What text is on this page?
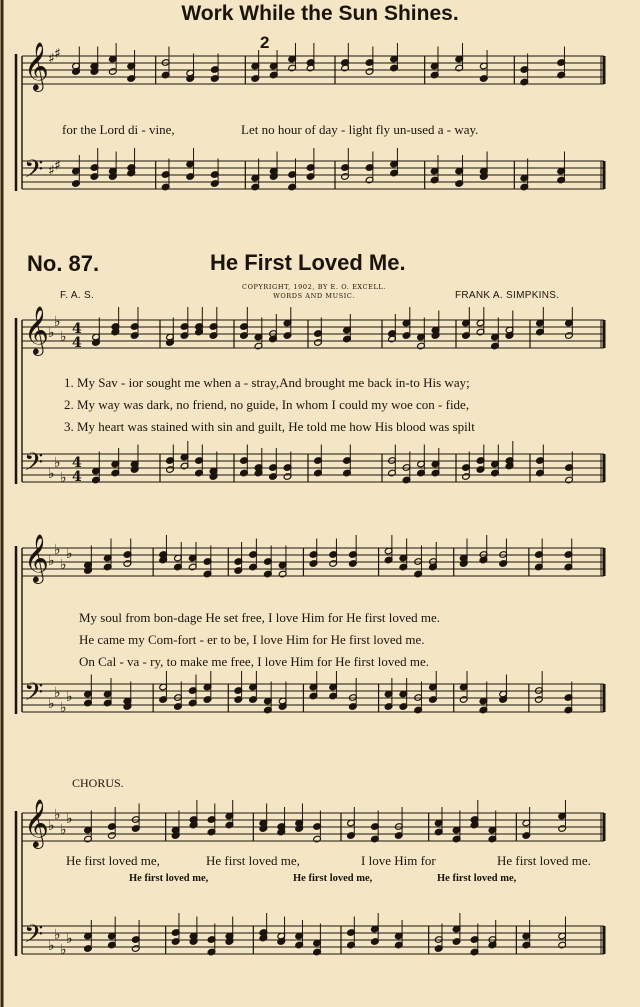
Work While the Sun Shines.
No. 87.	He First Loved Me.
F. A. S.
COPYRIGHT, 1902, BY E. O. EXCELL.
WORDS AND MUSIC.	FRANK A. SIMPKINS.
𝄞
𝄢
♯ ♯
♯ ♯
𝄞
𝄢
♭
♭
♭
♭
♭
♭
4
4
4
4
𝄞
𝄢
♭
♭
♭
♭
♭
♭
♭
♭
𝄞
𝄢
♭
♭
♭
♭
♭
♭
♭
♭
2
for the Lord di - vine,	Let no hour of day - light fly un-used a - way.
1. My Sav - ior sought me when a - stray,And brought me back in-to His way;
2. My way was dark, no friend, no guide, In whom I could my woe con - fide,
3. My heart was stained with sin and guilt, He told me how His blood was spilt
My soul from bon-dage He set free, I love Him for He first loved me.
He came my Com-fort - er to be, I love Him for He first loved me.
On Cal - va - ry, to make me free, I love Him for He first loved me.
CHORUS.
He first loved me,	He first loved me,	I love Him for	He first loved me.
He first loved me,	He first loved me,	He first loved me,
